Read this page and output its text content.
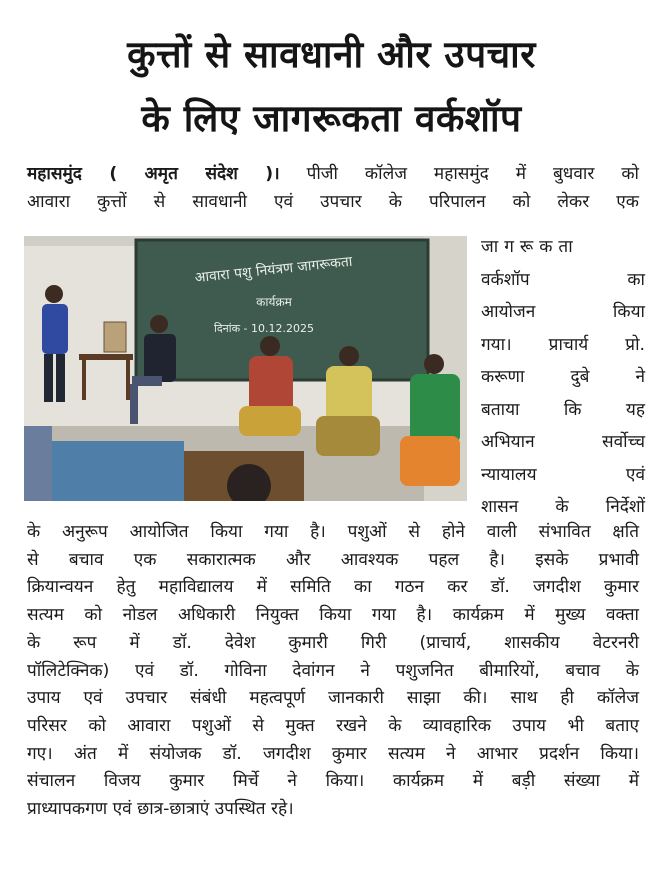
कुत्तों से सावधानी और उपचार
के लिए जागरूकता वर्कशॉप
महासमुंद ( अमृत संदेश )। पीजी कॉलेज महासमुंद में बुधवार को
आवारा कुत्तों से सावधानी एवं उपचार के परिपालन को लेकर एक
आवारा पशु नियंत्रण जागरूकता
कार्यक्रम
दिनांक - 10.12.2025
जागरूकता
वर्कशॉप का
आयोजन किया
गया। प्राचार्य प्रो.
करूणा दुबे ने
बताया कि यह
अभियान सर्वोच्च
न्यायालय एवं
शासन के निर्देशों
के अनुरूप आयोजित किया गया है। पशुओं से होने वाली संभावित क्षति
से बचाव एक सकारात्मक और आवश्यक पहल है। इसके प्रभावी
क्रियान्वयन हेतु महाविद्यालय में समिति का गठन कर डॉ. जगदीश कुमार
सत्यम को नोडल अधिकारी नियुक्त किया गया है। कार्यक्रम में मुख्य वक्ता
के रूप में डॉ. देवेश कुमारी गिरी (प्राचार्य, शासकीय वेटरनरी
पॉलिटेक्निक) एवं डॉ. गोविना देवांगन ने पशुजनित बीमारियों, बचाव के
उपाय एवं उपचार संबंधी महत्वपूर्ण जानकारी साझा की। साथ ही कॉलेज
परिसर को आवारा पशुओं से मुक्त रखने के व्यावहारिक उपाय भी बताए
गए। अंत में संयोजक डॉ. जगदीश कुमार सत्यम ने आभार प्रदर्शन किया।
संचालन विजय कुमार मिर्चे ने किया। कार्यक्रम में बड़ी संख्या में
प्राध्यापकगण एवं छात्र-छात्राएं उपस्थित रहे।
